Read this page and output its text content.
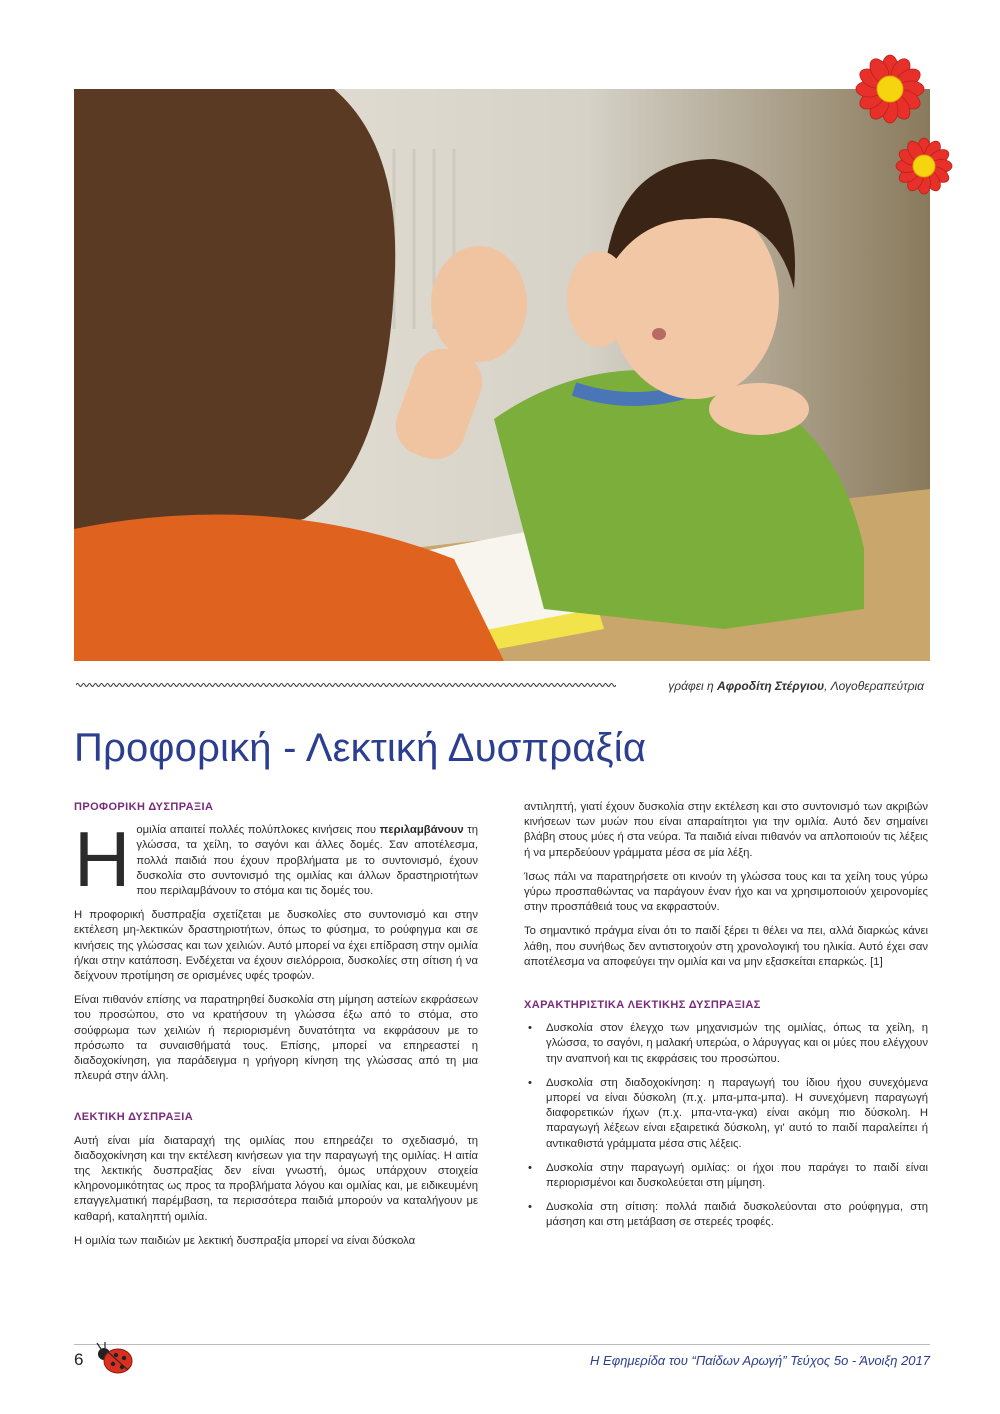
γράφει η Αφροδίτη Στέργιου, Λογοθεραπεύτρια
Προφορική - Λεκτική Δυσπραξία
ΠΡΟΦΟΡΙΚΗ ΔΥΣΠΡΑΞΙΑ

Ηομιλία απαιτεί πολλές πολύπλοκες κινήσεις που περιλαμβάνουν τη γλώσσα, τα χείλη, το σαγόνι και άλλες δομές. Σαν αποτέλεσμα, πολλά παιδιά που έχουν προβλήματα με το συντονισμό, έχουν δυσκολία στο συντονισμό της ομιλίας και άλλων δραστηριοτήτων που περιλαμβάνουν το στόμα και τις δομές του.

Η προφορική δυσπραξία σχετίζεται με δυσκολίες στο συντονισμό και στην εκτέλεση μη-λεκτικών δραστηριοτήτων, όπως το φύσημα, το ρούφηγμα και σε κινήσεις της γλώσσας και των χειλιών. Αυτό μπορεί να έχει επίδραση στην ομιλία ή/και στην κατάποση. Ενδέχεται να έχουν σιελόρροια, δυσκολίες στη σίτιση ή να δείχνουν προτίμηση σε ορισμένες υφές τροφών.

Είναι πιθανόν επίσης να παρατηρηθεί δυσκολία στη μίμηση αστείων εκφράσεων του προσώπου, στο να κρατήσουν τη γλώσσα έξω από το στόμα, στο σούφρωμα των χειλιών ή περιορισμένη δυνατότητα να εκφράσουν με το πρόσωπο τα συναισθήματά τους. Επίσης, μπορεί να επηρεαστεί η διαδοχοκίνηση, για παράδειγμα η γρήγορη κίνηση της γλώσσας από τη μια πλευρά στην άλλη.

ΛΕΚΤΙΚΗ ΔΥΣΠΡΑΞΙΑ

Αυτή είναι μία διαταραχή της ομιλίας που επηρεάζει το σχεδιασμό, τη διαδοχοκίνηση και την εκτέλεση κινήσεων για την παραγωγή της ομιλίας. Η αιτία της λεκτικής δυσπραξίας δεν είναι γνωστή, όμως υπάρχουν στοιχεία κληρονομικότητας ως προς τα προβλήματα λόγου και ομιλίας και, με ειδικευμένη επαγγελματική παρέμβαση, τα περισσότερα παιδιά μπορούν να καταλήγουν με καθαρή, καταληπτή ομιλία.

Η ομιλία των παιδιών με λεκτική δυσπραξία μπορεί να είναι δύσκολα

αντιληπτή, γιατί έχουν δυσκολία στην εκτέλεση και στο συντονισμό των ακριβών κινήσεων των μυών που είναι απαραίτητοι για την ομιλία. Αυτό δεν σημαίνει βλάβη στους μύες ή στα νεύρα. Τα παιδιά είναι πιθανόν να απλοποιούν τις λέξεις ή να μπερδεύουν γράμματα μέσα σε μία λέξη.

Ίσως πάλι να παρατηρήσετε οτι κινούν τη γλώσσα τους και τα χείλη τους γύρω γύρω προσπαθώντας να παράγουν έναν ήχο και να χρησιμοποιούν χειρονομίες στην προσπάθειά τους να εκφραστούν.

Το σημαντικό πράγμα είναι ότι το παιδί ξέρει τι θέλει να πει, αλλά διαρκώς κάνει λάθη, που συνήθως δεν αντιστοιχούν στη χρονολογική του ηλικία. Αυτό έχει σαν αποτέλεσμα να αποφεύγει την ομιλία και να μην εξασκείται επαρκώς. [1]

ΧΑΡΑΚΤΗΡΙΣΤΙΚΑ ΛΕΚΤΙΚΗΣ ΔΥΣΠΡΑΞΙΑΣ
• Δυσκολία στον έλεγχο των μηχανισμών της ομιλίας, όπως τα χείλη, η γλώσσα, το σαγόνι, η μαλακή υπερώα, ο λάρυγγας και οι μύες που ελέγχουν την αναπνοή και τις εκφράσεις του προσώπου.
• Δυσκολία στη διαδοχοκίνηση: η παραγωγή του ίδιου ήχου συνεχόμενα μπορεί να είναι δύσκολη (π.χ. μπα-μπα-μπα). Η συνεχόμενη παραγωγή διαφορετικών ήχων (π.χ. μπα-ντα-γκα) είναι ακόμη πιο δύσκολη. Η παραγωγή λέξεων είναι εξαιρετικά δύσκολη, γι' αυτό το παιδί παραλείπει ή αντικαθιστά γράμματα μέσα στις λέξεις.
• Δυσκολία στην παραγωγή ομιλίας: οι ήχοι που παράγει το παιδί είναι περιορισμένοι και δυσκολεύεται στη μίμηση.
• Δυσκολία στη σίτιση: πολλά παιδιά δυσκολεύονται στο ρούφηγμα, στη μάσηση και στη μετάβαση σε στερεές τροφές.
6	Η Εφημερίδα του “Παίδων Αρωγή” Τεύχος 5ο - Άνοιξη 2017
